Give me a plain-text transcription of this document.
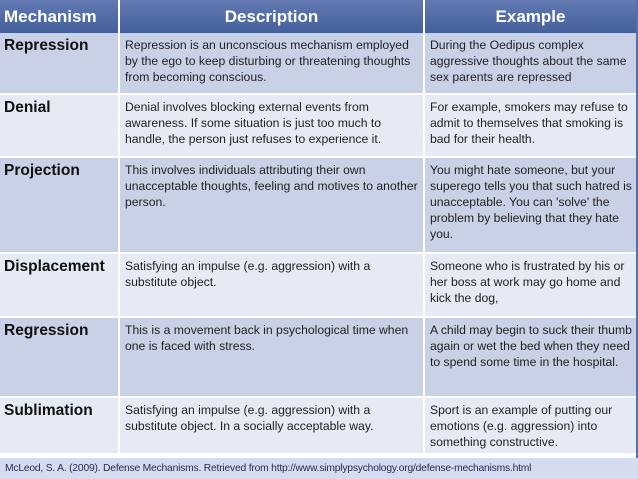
Mechanism	Description	Example
Repression	Repression is an unconscious mechanism employed by the ego to keep disturbing or threatening thoughts from becoming conscious.	During the Oedipus complex aggressive thoughts about the same sex parents are repressed
Denial	Denial involves blocking external events from awareness. If some situation is just too much to handle, the person just refuses to experience it.	For example, smokers may refuse to admit to themselves that smoking is bad for their health.
Projection	This involves individuals attributing their own unacceptable thoughts, feeling and motives to another person.	You might hate someone, but your superego tells you that such hatred is unacceptable. You can 'solve' the problem by believing that they hate you.
Displacement	Satisfying an impulse (e.g. aggression) with a substitute object.	Someone who is frustrated by his or her boss at work may go home and kick the dog,
Regression	This is a movement back in psychological time when one is faced with stress.	A child may begin to suck their thumb again or wet the bed when they need to spend some time in the hospital.
Sublimation	Satisfying an impulse (e.g. aggression) with a substitute object. In a socially acceptable way.	Sport is an example of putting our emotions (e.g. aggression) into something constructive.
McLeod, S. A. (2009). Defense Mechanisms. Retrieved from http://www.simplypsychology.org/defense-mechanisms.html
